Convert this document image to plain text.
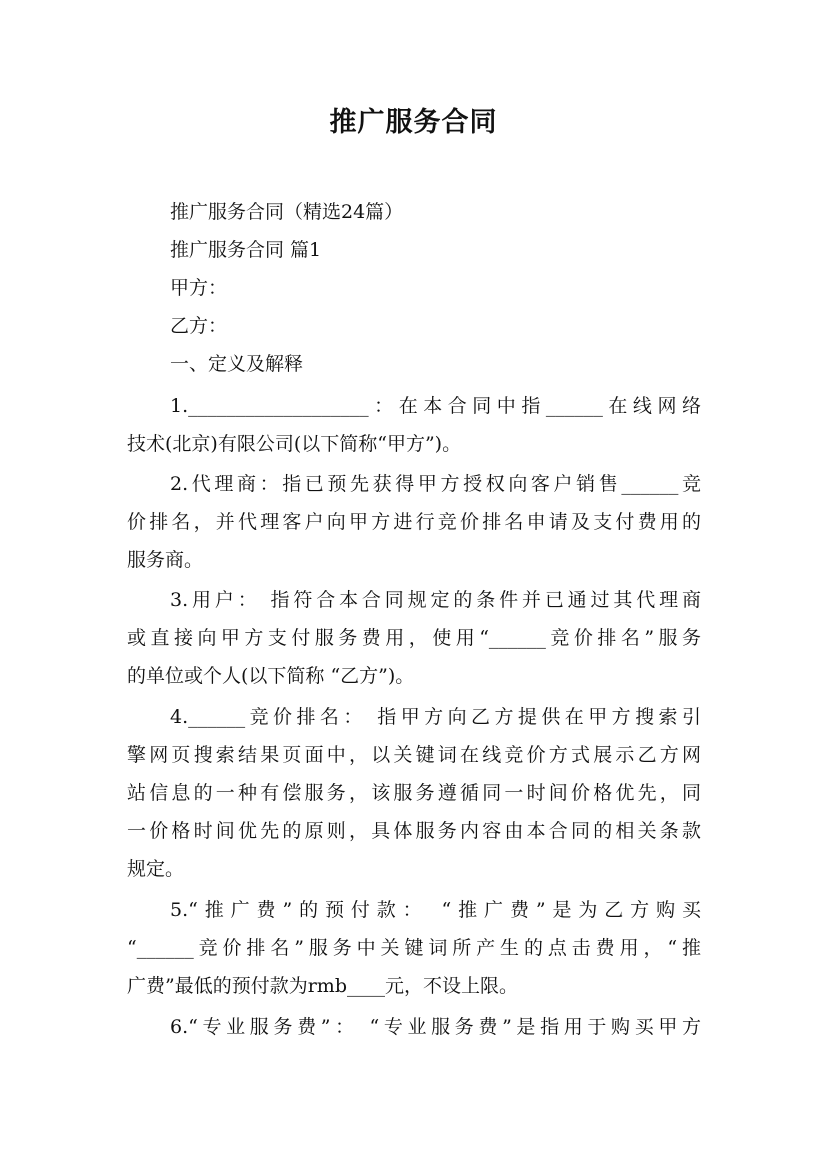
推广服务合同

推广服务合同（精选24篇）

推广服务合同 篇1

甲方：

乙方：

一、定义及解释

1.___________________：在本合同中指______在线网络

技术(北京)有限公司(以下简称“甲方”)。

2.代理商：指已预先获得甲方授权向客户销售______竞

价排名，并代理客户向甲方进行竞价排名申请及支付费用的

服务商。

3.用户： 指符合本合同规定的条件并已通过其代理商

或直接向甲方支付服务费用，使用“______竞价排名”服务

的单位或个人(以下简称 “乙方”)。

4.______竞价排名： 指甲方向乙方提供在甲方搜索引

擎网页搜索结果页面中，以关键词在线竞价方式展示乙方网

站信息的一种有偿服务，该服务遵循同一时间价格优先，同

一价格时间优先的原则，具体服务内容由本合同的相关条款

规定。

5.“推广费”的预付款： “推广费”是为乙方购买

“______竞价排名”服务中关键词所产生的点击费用，“推

广费”最低的预付款为rmb____元，不设上限。

6.“专业服务费”： “专业服务费”是指用于购买甲方
